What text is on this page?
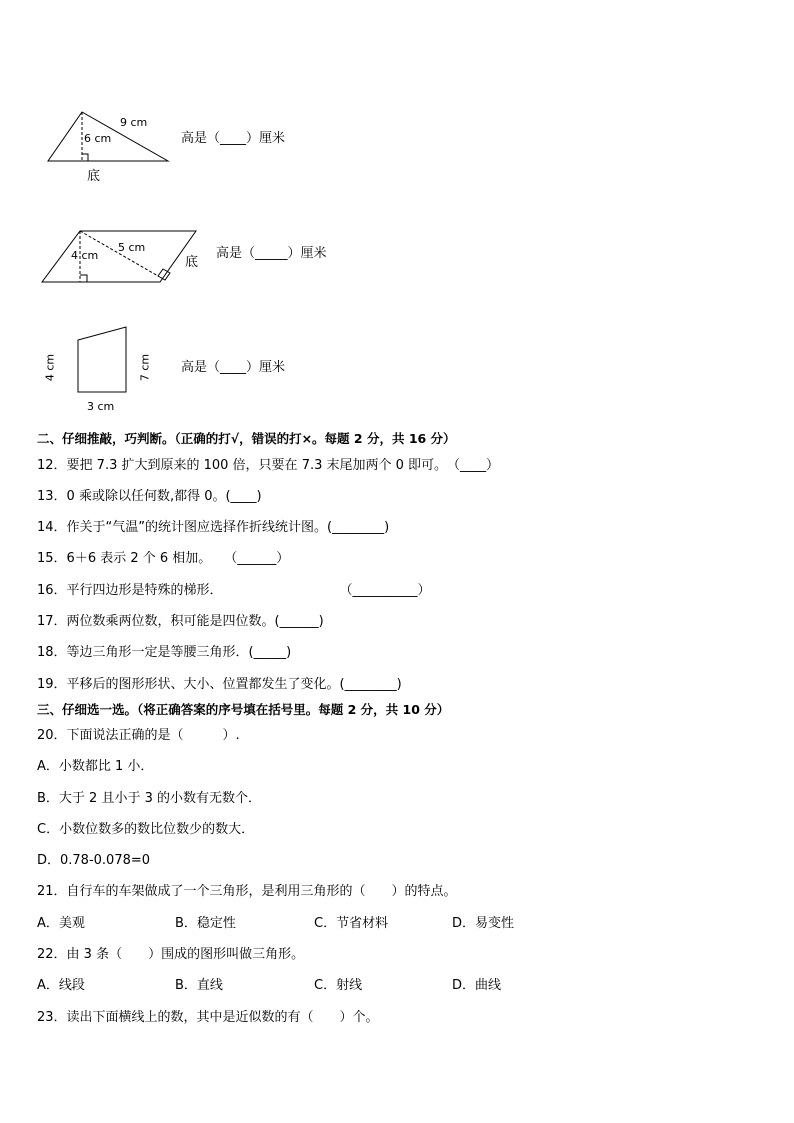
9 cm
6 cm
底
高是（____）厘米
5 cm
4 cm	底
高是（_____）厘米
4 cm	7 cm
3 cm
高是（____）厘米
二、仔细推敲，巧判断。（正确的打√，错误的打×。每题 2 分，共 16 分）
12．要把 7.3 扩大到原来的 100 倍，只要在 7.3 末尾加两个 0 即可。　（____）
13．0 乘或除以任何数,都得 0。(____)
14．作关于“气温”的统计图应选择作折线统计图。(________)
15．6＋6 表示 2 个 6 相加。　　（______）
16．平行四边形是特殊的梯形．　　　　　　　　　　（__________）
17．两位数乘两位数，积可能是四位数。(______)
18．等边三角形一定是等腰三角形．(_____)
19．平移后的图形形状、大小、位置都发生了变化。(________)
三、仔细选一选。（将正确答案的序号填在括号里。每题 2 分，共 10 分）
20．下面说法正确的是（　　　）.
A．小数都比 1 小．
B．大于 2 且小于 3 的小数有无数个．
C．小数位数多的数比位数少的数大．
D．0.78-0.078=0
21．自行车的车架做成了一个三角形，是利用三角形的（　　）的特点。
A．美观	B．稳定性	C．节省材料	D．易变性
22．由 3 条（　　）围成的图形叫做三角形。
A．线段	B．直线	C．射线	D．曲线
23．读出下面横线上的数，其中是近似数的有（　　）个。
